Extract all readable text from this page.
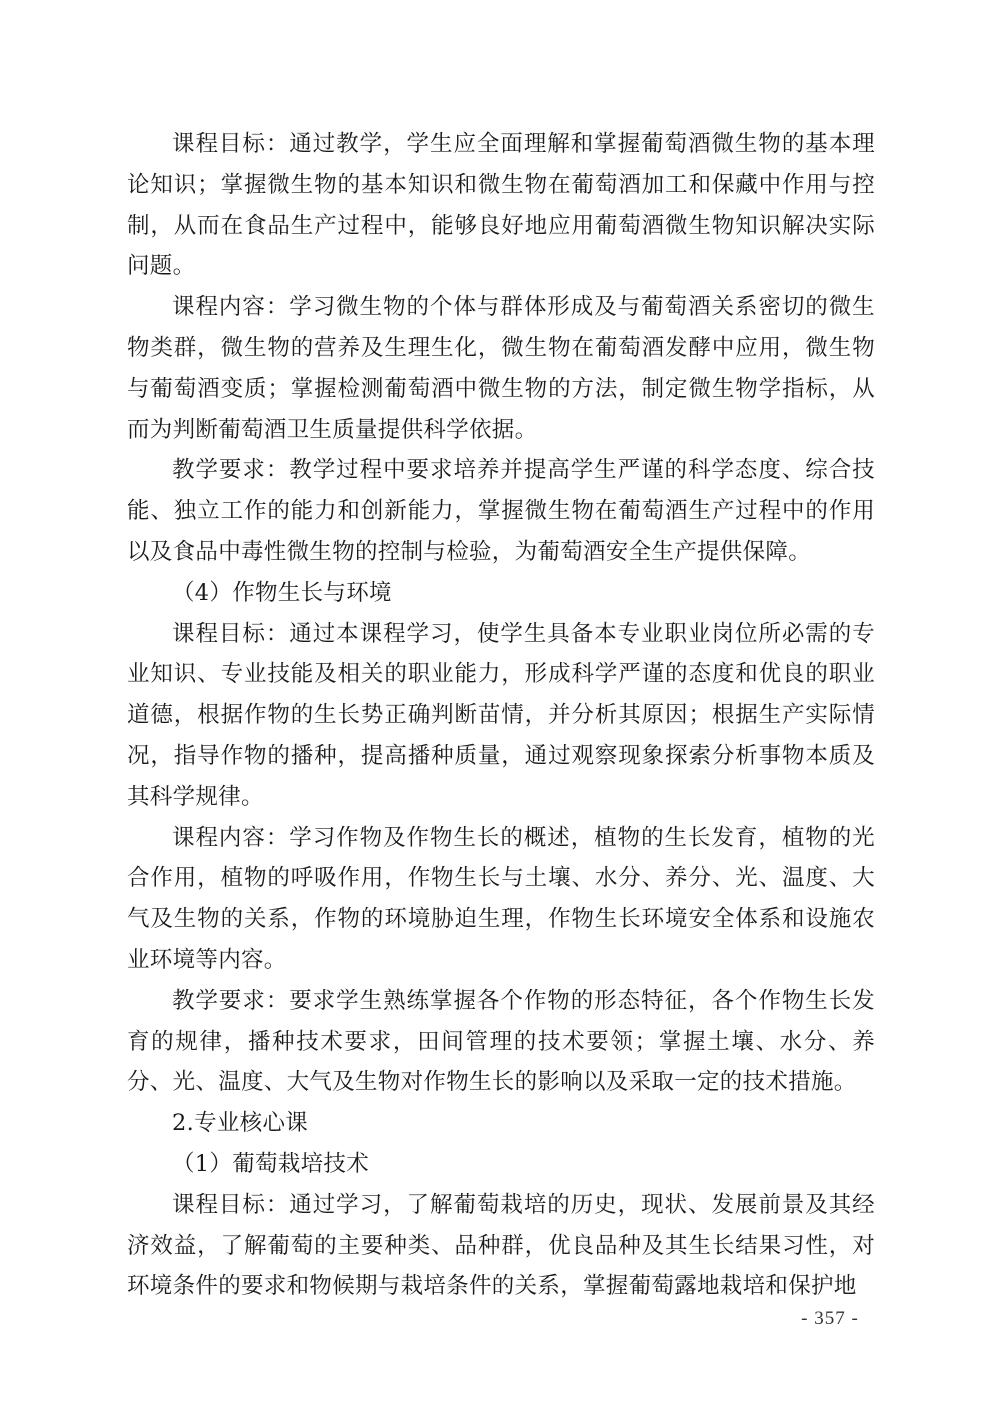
课程目标：通过教学，学生应全面理解和掌握葡萄酒微生物的基本理论知识；掌握微生物的基本知识和微生物在葡萄酒加工和保藏中作用与控制，从而在食品生产过程中，能够良好地应用葡萄酒微生物知识解决实际问题。

课程内容：学习微生物的个体与群体形成及与葡萄酒关系密切的微生物类群，微生物的营养及生理生化，微生物在葡萄酒发酵中应用，微生物与葡萄酒变质；掌握检测葡萄酒中微生物的方法，制定微生物学指标，从而为判断葡萄酒卫生质量提供科学依据。

教学要求：教学过程中要求培养并提高学生严谨的科学态度、综合技能、独立工作的能力和创新能力，掌握微生物在葡萄酒生产过程中的作用以及食品中毒性微生物的控制与检验，为葡萄酒安全生产提供保障。

（4）作物生长与环境

课程目标：通过本课程学习，使学生具备本专业职业岗位所必需的专业知识、专业技能及相关的职业能力，形成科学严谨的态度和优良的职业道德，根据作物的生长势正确判断苗情，并分析其原因；根据生产实际情况，指导作物的播种，提高播种质量，通过观察现象探索分析事物本质及其科学规律。

课程内容：学习作物及作物生长的概述，植物的生长发育，植物的光合作用，植物的呼吸作用，作物生长与土壤、水分、养分、光、温度、大气及生物的关系，作物的环境胁迫生理，作物生长环境安全体系和设施农业环境等内容。

教学要求：要求学生熟练掌握各个作物的形态特征，各个作物生长发育的规律，播种技术要求，田间管理的技术要领；掌握土壤、水分、养分、光、温度、大气及生物对作物生长的影响以及采取一定的技术措施。

2.专业核心课

（1）葡萄栽培技术

课程目标：通过学习，了解葡萄栽培的历史，现状、发展前景及其经济效益，了解葡萄的主要种类、品种群，优良品种及其生长结果习性，对环境条件的要求和物候期与栽培条件的关系，掌握葡萄露地栽培和保护地

- 357 -
